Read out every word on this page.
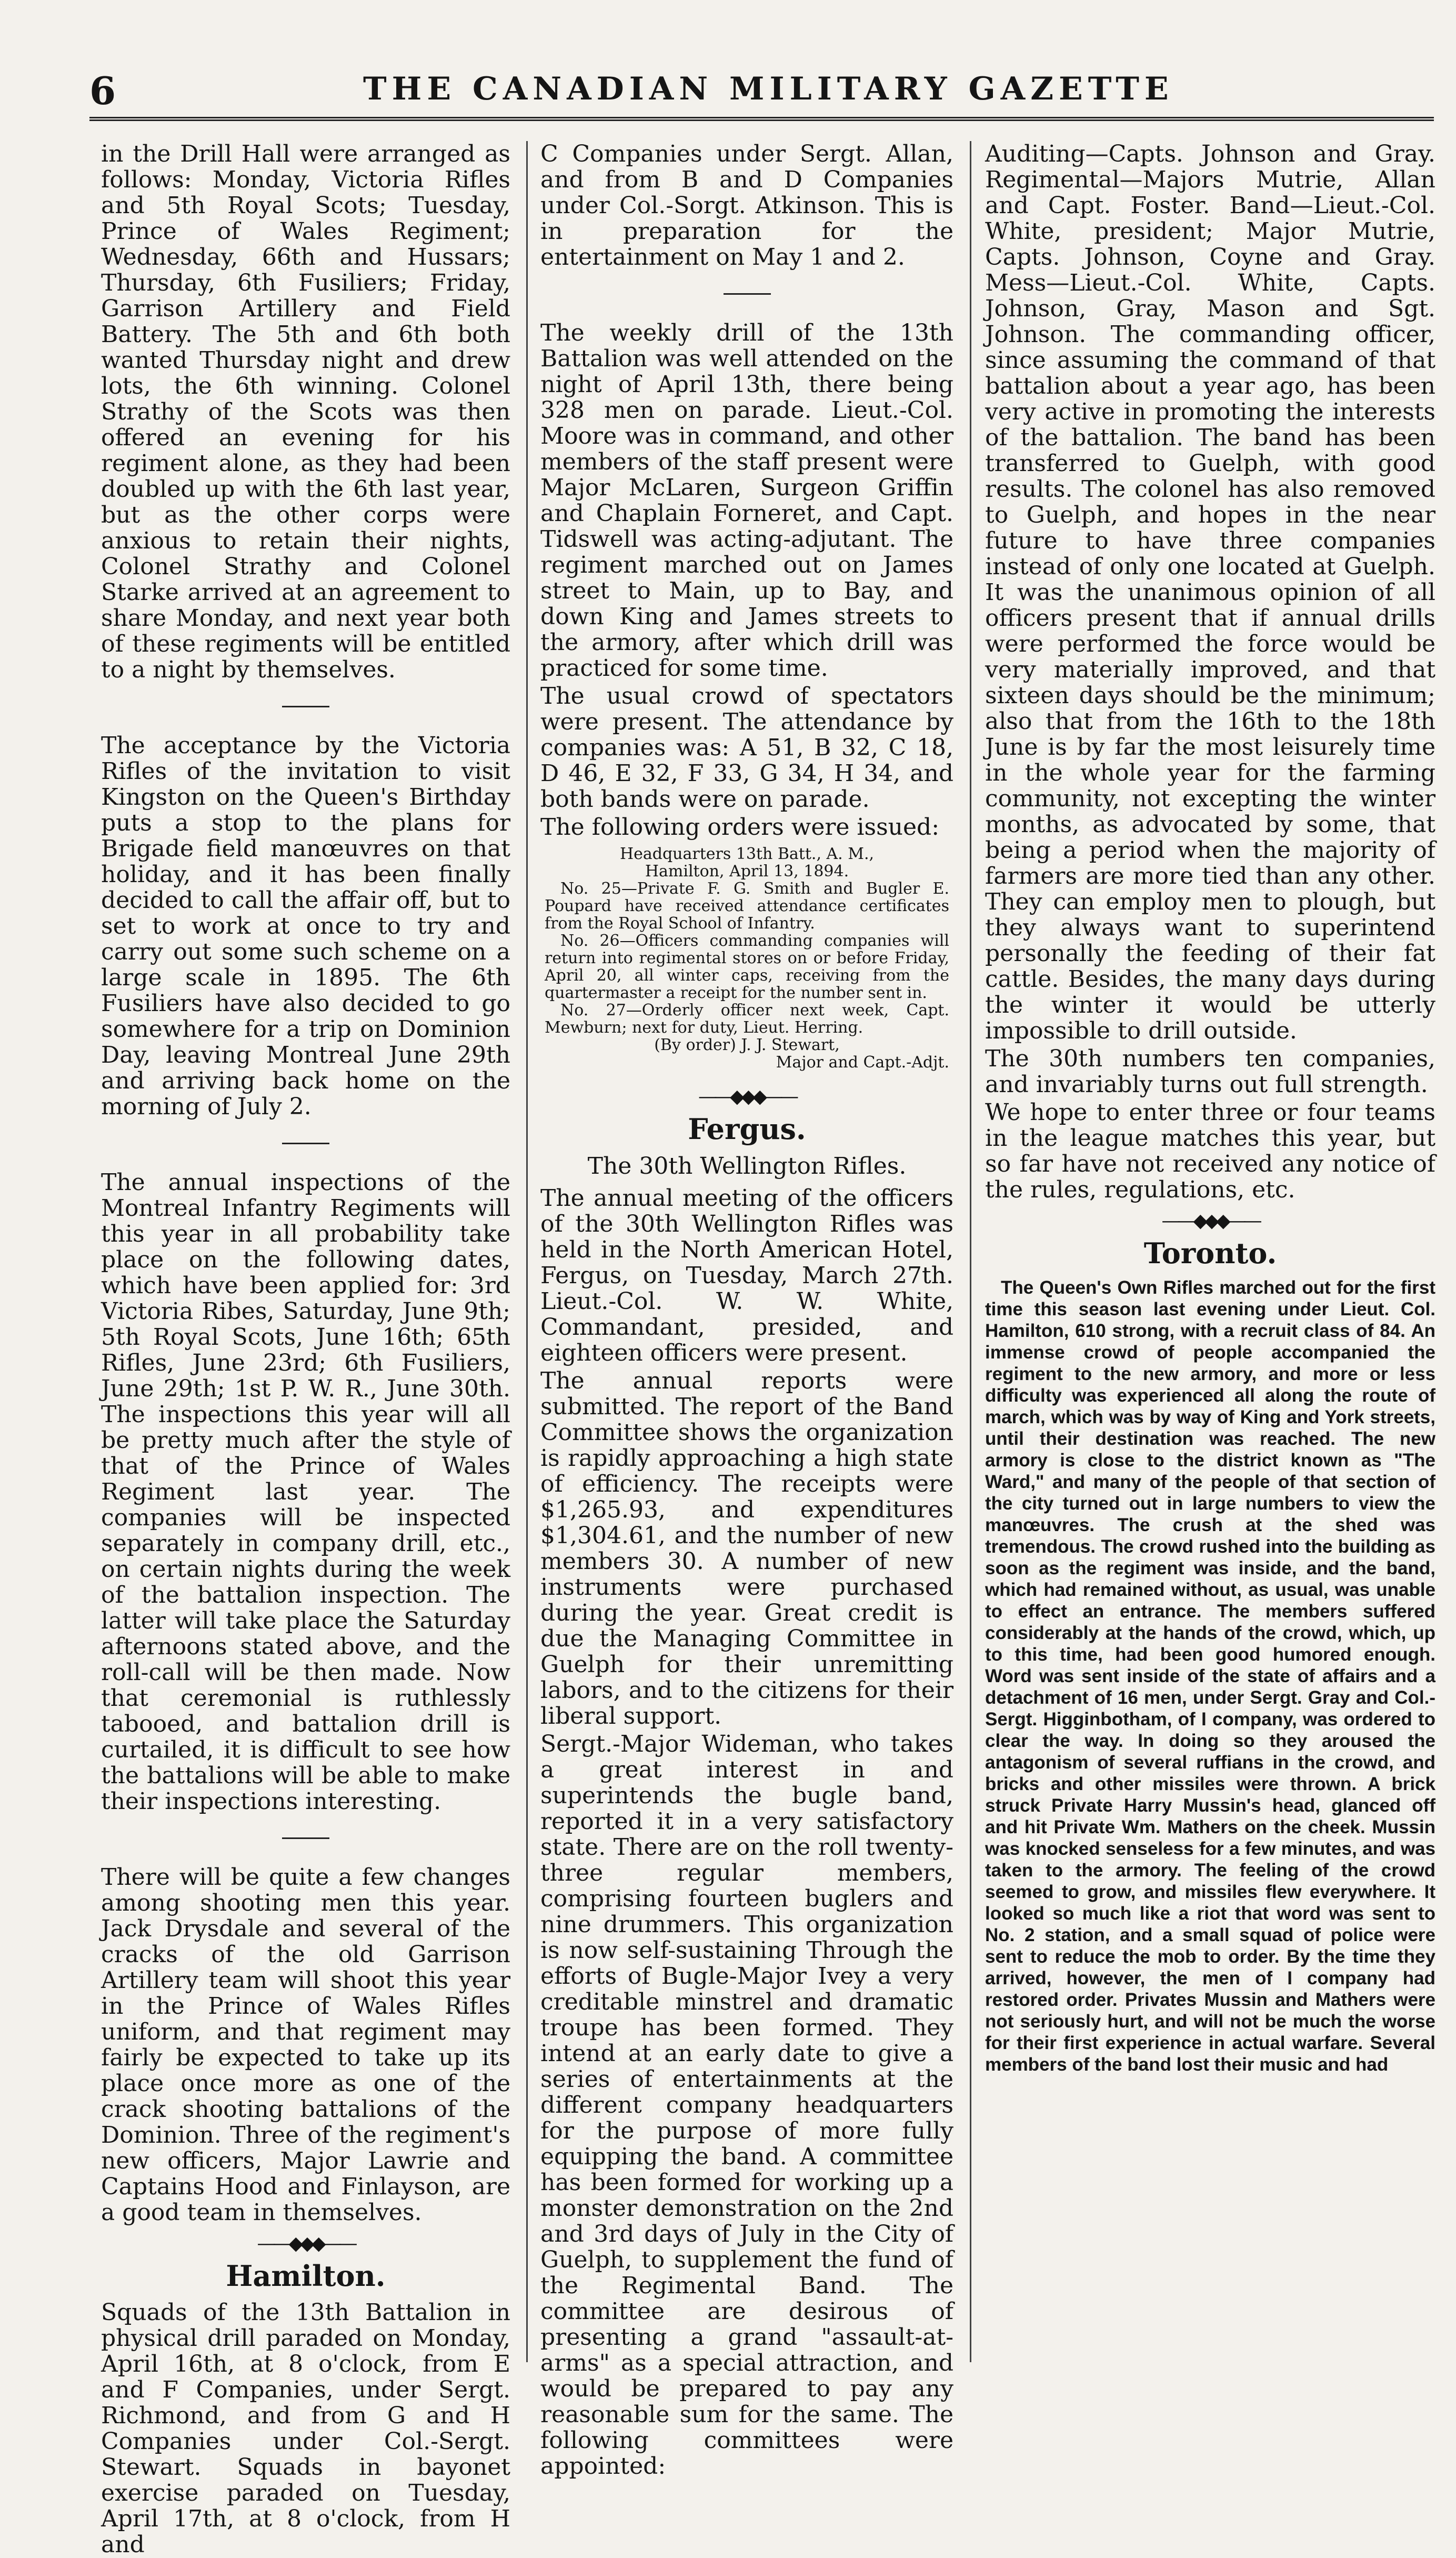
6	THE CANADIAN MILITARY GAZETTE

in the Drill Hall were arranged as follows: Monday, Victoria Rifles and 5th Royal Scots; Tuesday, Prince of Wales Regiment; Wednesday, 66th and Hussars; Thursday, 6th Fusiliers; Friday, Garrison Artillery and Field Battery. The 5th and 6th both wanted Thursday night and drew lots, the 6th winning. Colonel Strathy of the Scots was then offered an evening for his regiment alone, as they had been doubled up with the 6th last year, but as the other corps were anxious to retain their nights, Colonel Strathy and Colonel Starke arrived at an agreement to share Monday, and next year both of these regiments will be entitled to a night by themselves.

The acceptance by the Victoria Rifles of the invitation to visit Kingston on the Queen's Birthday puts a stop to the plans for Brigade field manœuvres on that holiday, and it has been finally decided to call the affair off, but to set to work at once to try and carry out some such scheme on a large scale in 1895. The 6th Fusiliers have also decided to go somewhere for a trip on Dominion Day, leaving Montreal June 29th and arriving back home on the morning of July 2.

The annual inspections of the Montreal Infantry Regiments will this year in all probability take place on the following dates, which have been applied for: 3rd Victoria Ribes, Saturday, June 9th; 5th Royal Scots, June 16th; 65th Rifles, June 23rd; 6th Fusiliers, June 29th; 1st P. W. R., June 30th. The inspections this year will all be pretty much after the style of that of the Prince of Wales Regiment last year. The companies will be inspected separately in company drill, etc., on certain nights during the week of the battalion inspection. The latter will take place the Saturday afternoons stated above, and the roll-call will be then made. Now that ceremonial is ruthlessly tabooed, and battalion drill is curtailed, it is difficult to see how the battalions will be able to make their inspections interesting.

There will be quite a few changes among shooting men this year. Jack Drysdale and several of the cracks of the old Garrison Artillery team will shoot this year in the Prince of Wales Rifles uniform, and that regiment may fairly be expected to take up its place once more as one of the crack shooting battalions of the Dominion. Three of the regiment's new officers, Major Lawrie and Captains Hood and Finlayson, are a good team in themselves.

——◆◆◆——
Hamilton.

Squads of the 13th Battalion in physical drill paraded on Monday, April 16th, at 8 o'clock, from E and F Companies, under Sergt. Richmond, and from G and H Companies under Col.-Sergt. Stewart. Squads in bayonet exercise paraded on Tuesday, April 17th, at 8 o'clock, from H and

C Companies under Sergt. Allan, and from B and D Companies under Col.-Sorgt. Atkinson. This is in preparation for the entertainment on May 1 and 2.

The weekly drill of the 13th Battalion was well attended on the night of April 13th, there being 328 men on parade. Lieut.-Col. Moore was in command, and other members of the staff present were Major McLaren, Surgeon Griffin and Chaplain Forneret, and Capt. Tidswell was acting-adjutant. The regiment marched out on James street to Main, up to Bay, and down King and James streets to the armory, after which drill was practiced for some time.

The usual crowd of spectators were present. The attendance by companies was: A 51, B 32, C 18, D 46, E 32, F 33, G 34, H 34, and both bands were on parade.

The following orders were issued:

Headquarters 13th Batt., A. M.,
Hamilton, April 13, 1894.
No. 25—Private F. G. Smith and Bugler E. Poupard have received attendance certificates from the Royal School of Infantry.
No. 26—Officers commanding companies will return into regimental stores on or before Friday, April 20, all winter caps, receiving from the quartermaster a receipt for the number sent in.
No. 27—Orderly officer next week, Capt. Mewburn; next for duty, Lieut. Herring.
(By order) J. J. Stewart,
Major and Capt.-Adjt.
——◆◆◆——
Fergus.
The 30th Wellington Rifles.

The annual meeting of the officers of the 30th Wellington Rifles was held in the North American Hotel, Fergus, on Tuesday, March 27th. Lieut.-Col. W. W. White, Commandant, presided, and eighteen officers were present.

The annual reports were submitted. The report of the Band Committee shows the organization is rapidly approaching a high state of efficiency. The receipts were $1,265.93, and expenditures $1,304.61, and the number of new members 30. A number of new instruments were purchased during the year. Great credit is due the Managing Committee in Guelph for their unremitting labors, and to the citizens for their liberal support.

Sergt.-Major Wideman, who takes a great interest in and superintends the bugle band, reported it in a very satisfactory state. There are on the roll twenty-three regular members, comprising fourteen buglers and nine drummers. This organization is now self-sustaining Through the efforts of Bugle-Major Ivey a very creditable minstrel and dramatic troupe has been formed. They intend at an early date to give a series of entertainments at the different company headquarters for the purpose of more fully equipping the band. A committee has been formed for working up a monster demonstration on the 2nd and 3rd days of July in the City of Guelph, to supplement the fund of the Regimental Band. The committee are desirous of presenting a grand "assault-at-arms" as a special attraction, and would be prepared to pay any reasonable sum for the same. The following committees were appointed:

Auditing—Capts. Johnson and Gray. Regimental—Majors Mutrie, Allan and Capt. Foster. Band—Lieut.-Col. White, president; Major Mutrie, Capts. Johnson, Coyne and Gray. Mess—Lieut.-Col. White, Capts. Johnson, Gray, Mason and Sgt. Johnson. The commanding officer, since assuming the command of that battalion about a year ago, has been very active in promoting the interests of the battalion. The band has been transferred to Guelph, with good results. The colonel has also removed to Guelph, and hopes in the near future to have three companies instead of only one located at Guelph. It was the unanimous opinion of all officers present that if annual drills were performed the force would be very materially improved, and that sixteen days should be the minimum; also that from the 16th to the 18th June is by far the most leisurely time in the whole year for the farming community, not excepting the winter months, as advocated by some, that being a period when the majority of farmers are more tied than any other. They can employ men to plough, but they always want to superintend personally the feeding of their fat cattle. Besides, the many days during the winter it would be utterly impossible to drill outside.

The 30th numbers ten companies, and invariably turns out full strength.

We hope to enter three or four teams in the league matches this year, but so far have not received any notice of the rules, regulations, etc.

——◆◆◆——
Toronto.

The Queen's Own Rifles marched out for the first time this season last evening under Lieut. Col. Hamilton, 610 strong, with a recruit class of 84. An immense crowd of people accompanied the regiment to the new armory, and more or less difficulty was experienced all along the route of march, which was by way of King and York streets, until their destination was reached. The new armory is close to the district known as "The Ward," and many of the people of that section of the city turned out in large numbers to view the manœuvres. The crush at the shed was tremendous. The crowd rushed into the building as soon as the regiment was inside, and the band, which had remained without, as usual, was unable to effect an entrance. The members suffered considerably at the hands of the crowd, which, up to this time, had been good humored enough. Word was sent inside of the state of affairs and a detachment of 16 men, under Sergt. Gray and Col.-Sergt. Higginbotham, of I company, was ordered to clear the way. In doing so they aroused the antagonism of several ruffians in the crowd, and bricks and other missiles were thrown. A brick struck Private Harry Mussin's head, glanced off and hit Private Wm. Mathers on the cheek. Mussin was knocked senseless for a few minutes, and was taken to the armory. The feeling of the crowd seemed to grow, and missiles flew everywhere. It looked so much like a riot that word was sent to No. 2 station, and a small squad of police were sent to reduce the mob to order. By the time they arrived, however, the men of I company had restored order. Privates Mussin and Mathers were not seriously hurt, and will not be much the worse for their first experience in actual warfare. Several members of the band lost their music and had
